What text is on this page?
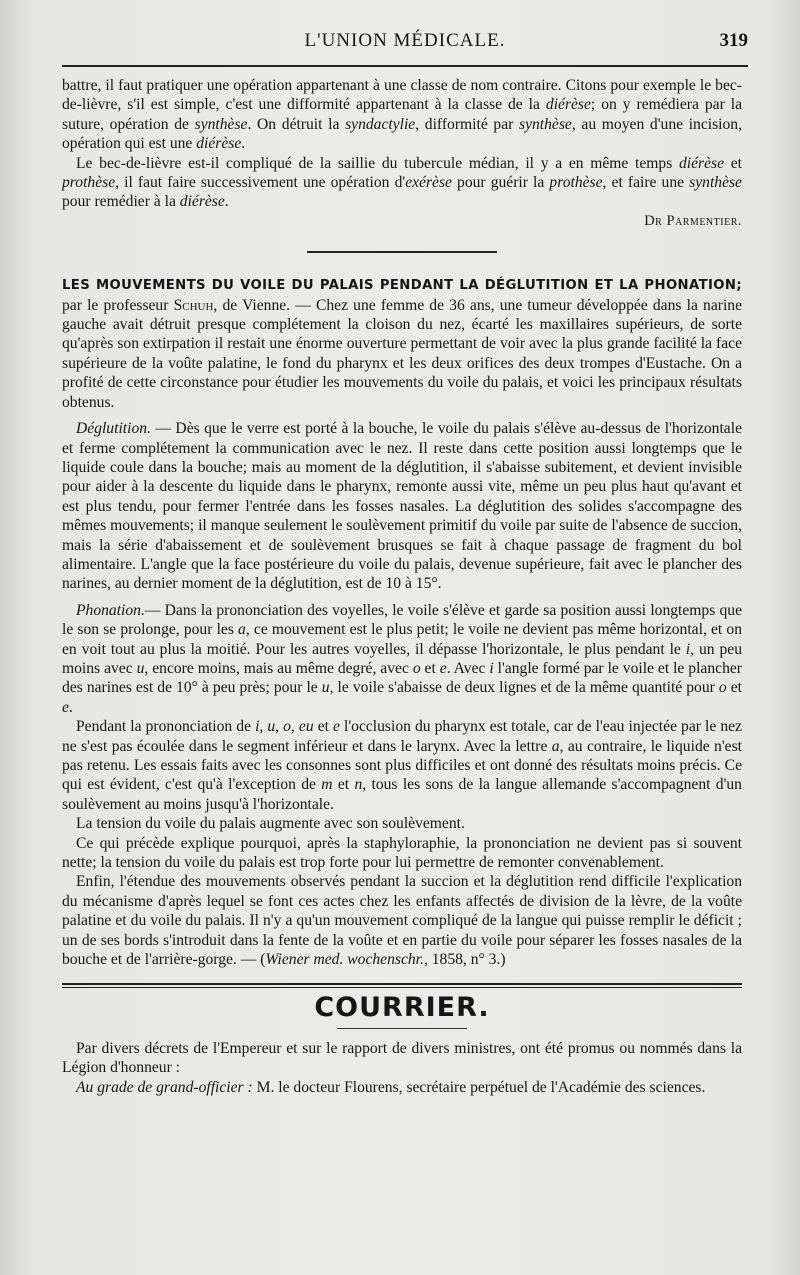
L'UNION MÉDICALE.	319

battre, il faut pratiquer une opération appartenant à une classe de nom contraire. Citons pour exemple le bec-de-lièvre, s'il est simple, c'est une difformité appartenant à la classe de la diérèse; on y remédiera par la suture, opération de synthèse. On détruit la syndactylie, difformité par synthèse, au moyen d'une incision, opération qui est une diérèse.

Le bec-de-lièvre est-il compliqué de la saillie du tubercule médian, il y a en même temps diérèse et prothèse, il faut faire successivement une opération d'exérèse pour guérir la prothèse, et faire une synthèse pour remédier à la diérèse.

Dr Parmentier.

LES MOUVEMENTS DU VOILE DU PALAIS PENDANT LA DÉGLUTITION ET LA PHONATION; par le professeur Schuh, de Vienne. — Chez une femme de 36 ans, une tumeur développée dans la narine gauche avait détruit presque complétement la cloison du nez, écarté les maxillaires supérieurs, de sorte qu'après son extirpation il restait une énorme ouverture permettant de voir avec la plus grande facilité la face supérieure de la voûte palatine, le fond du pharynx et les deux orifices des deux trompes d'Eustache. On a profité de cette circonstance pour étudier les mouvements du voile du palais, et voici les principaux résultats obtenus.

Déglutition. — Dès que le verre est porté à la bouche, le voile du palais s'élève au-dessus de l'horizontale et ferme complétement la communication avec le nez. Il reste dans cette position aussi longtemps que le liquide coule dans la bouche; mais au moment de la déglutition, il s'abaisse subitement, et devient invisible pour aider à la descente du liquide dans le pharynx, remonte aussi vite, même un peu plus haut qu'avant et est plus tendu, pour fermer l'entrée dans les fosses nasales. La déglutition des solides s'accompagne des mêmes mouvements; il manque seulement le soulèvement primitif du voile par suite de l'absence de succion, mais la série d'abaissement et de soulèvement brusques se fait à chaque passage de fragment du bol alimentaire. L'angle que la face postérieure du voile du palais, devenue supérieure, fait avec le plancher des narines, au dernier moment de la déglutition, est de 10 à 15°.

Phonation.— Dans la prononciation des voyelles, le voile s'élève et garde sa position aussi longtemps que le son se prolonge, pour les a, ce mouvement est le plus petit; le voile ne devient pas même horizontal, et on en voit tout au plus la moitié. Pour les autres voyelles, il dépasse l'horizontale, le plus pendant le i, un peu moins avec u, encore moins, mais au même degré, avec o et e. Avec i l'angle formé par le voile et le plancher des narines est de 10° à peu près; pour le u, le voile s'abaisse de deux lignes et de la même quantité pour o et e.

Pendant la prononciation de i, u, o, eu et e l'occlusion du pharynx est totale, car de l'eau injectée par le nez ne s'est pas écoulée dans le segment inférieur et dans le larynx. Avec la lettre a, au contraire, le liquide n'est pas retenu. Les essais faits avec les consonnes sont plus difficiles et ont donné des résultats moins précis. Ce qui est évident, c'est qu'à l'exception de m et n, tous les sons de la langue allemande s'accompagnent d'un soulèvement au moins jusqu'à l'horizontale.

La tension du voile du palais augmente avec son soulèvement.

Ce qui précède explique pourquoi, après la staphyloraphie, la prononciation ne devient pas si souvent nette; la tension du voile du palais est trop forte pour lui permettre de remonter convenablement.

Enfin, l'étendue des mouvements observés pendant la succion et la déglutition rend difficile l'explication du mécanisme d'après lequel se font ces actes chez les enfants affectés de division de la lèvre, de la voûte palatine et du voile du palais. Il n'y a qu'un mouvement compliqué de la langue qui puisse remplir le déficit ; un de ses bords s'introduit dans la fente de la voûte et en partie du voile pour séparer les fosses nasales de la bouche et de l'arrière-gorge. — (Wiener med. wochenschr., 1858, n° 3.)

COURRIER.

Par divers décrets de l'Empereur et sur le rapport de divers ministres, ont été promus ou nommés dans la Légion d'honneur :

Au grade de grand-officier : M. le docteur Flourens, secrétaire perpétuel de l'Académie des sciences.
